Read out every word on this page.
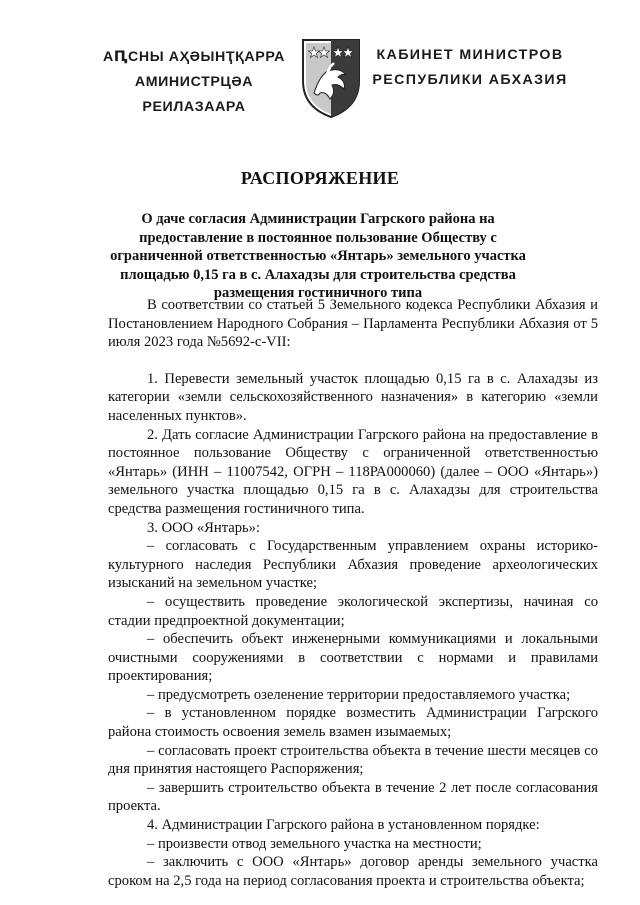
АԤСНЫ АҲӘЫНҬҚАРРА
АМИНИСТРЦӘА РЕИЛАЗААРА
КАБИНЕТ МИНИСТРОВ
РЕСПУБЛИКИ АБХАЗИЯ
РАСПОРЯЖЕНИЕ
О даче согласия Администрации Гагрского района на предоставление в постоянное пользование Обществу с ограниченной ответственностью «Янтарь» земельного участка площадью 0,15 га в с. Алахадзы для строительства средства размещения гостиничного типа

В соответствии со статьей 5 Земельного кодекса Республики Абхазия и Постановлением Народного Собрания – Парламента Республики Абхазия от 5 июля 2023 года №5692-с-VII:

1. Перевести земельный участок площадью 0,15 га в с. Алахадзы из категории «земли сельскохозяйственного назначения» в категорию «земли населенных пунктов».

2. Дать согласие Администрации Гагрского района на предоставление в постоянное пользование Обществу с ограниченной ответственностью «Янтарь» (ИНН – 11007542, ОГРН – 118РА000060) (далее – ООО «Янтарь») земельного участка площадью 0,15 га в с. Алахадзы для строительства средства размещения гостиничного типа.

3. ООО «Янтарь»:

– согласовать с Государственным управлением охраны историко-культурного наследия Республики Абхазия проведение археологических изысканий на земельном участке;

– осуществить проведение экологической экспертизы, начиная со стадии предпроектной документации;

– обеспечить объект инженерными коммуникациями и локальными очистными сооружениями в соответствии с нормами и правилами проектирования;

– предусмотреть озеленение территории предоставляемого участка;

– в установленном порядке возместить Администрации Гагрского района стоимость освоения земель взамен изымаемых;

– согласовать проект строительства объекта в течение шести месяцев со дня принятия настоящего Распоряжения;

– завершить строительство объекта в течение 2 лет после согласования проекта.

4. Администрации Гагрского района в установленном порядке:

– произвести отвод земельного участка на местности;

– заключить с ООО «Янтарь» договор аренды земельного участка сроком на 2,5 года на период согласования проекта и строительства объекта;
